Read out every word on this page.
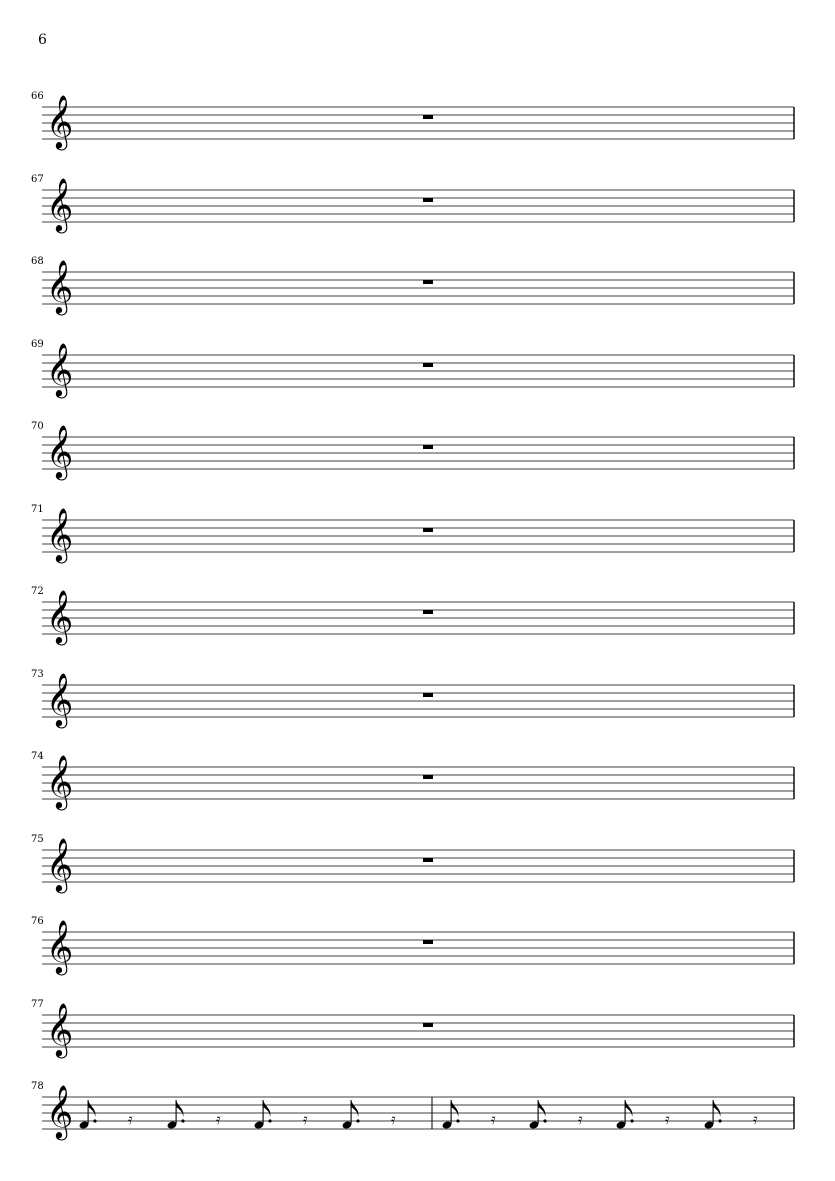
6
66 𝄞
67 𝄞
68 𝄞
69 𝄞
70 𝄞
71 𝄞
72 𝄞
73 𝄞
74 𝄞
75 𝄞
76 𝄞
77 𝄞
78 𝄞	𝄿	𝄿	𝄿	𝄿	𝄿	𝄿	𝄿	𝄿
